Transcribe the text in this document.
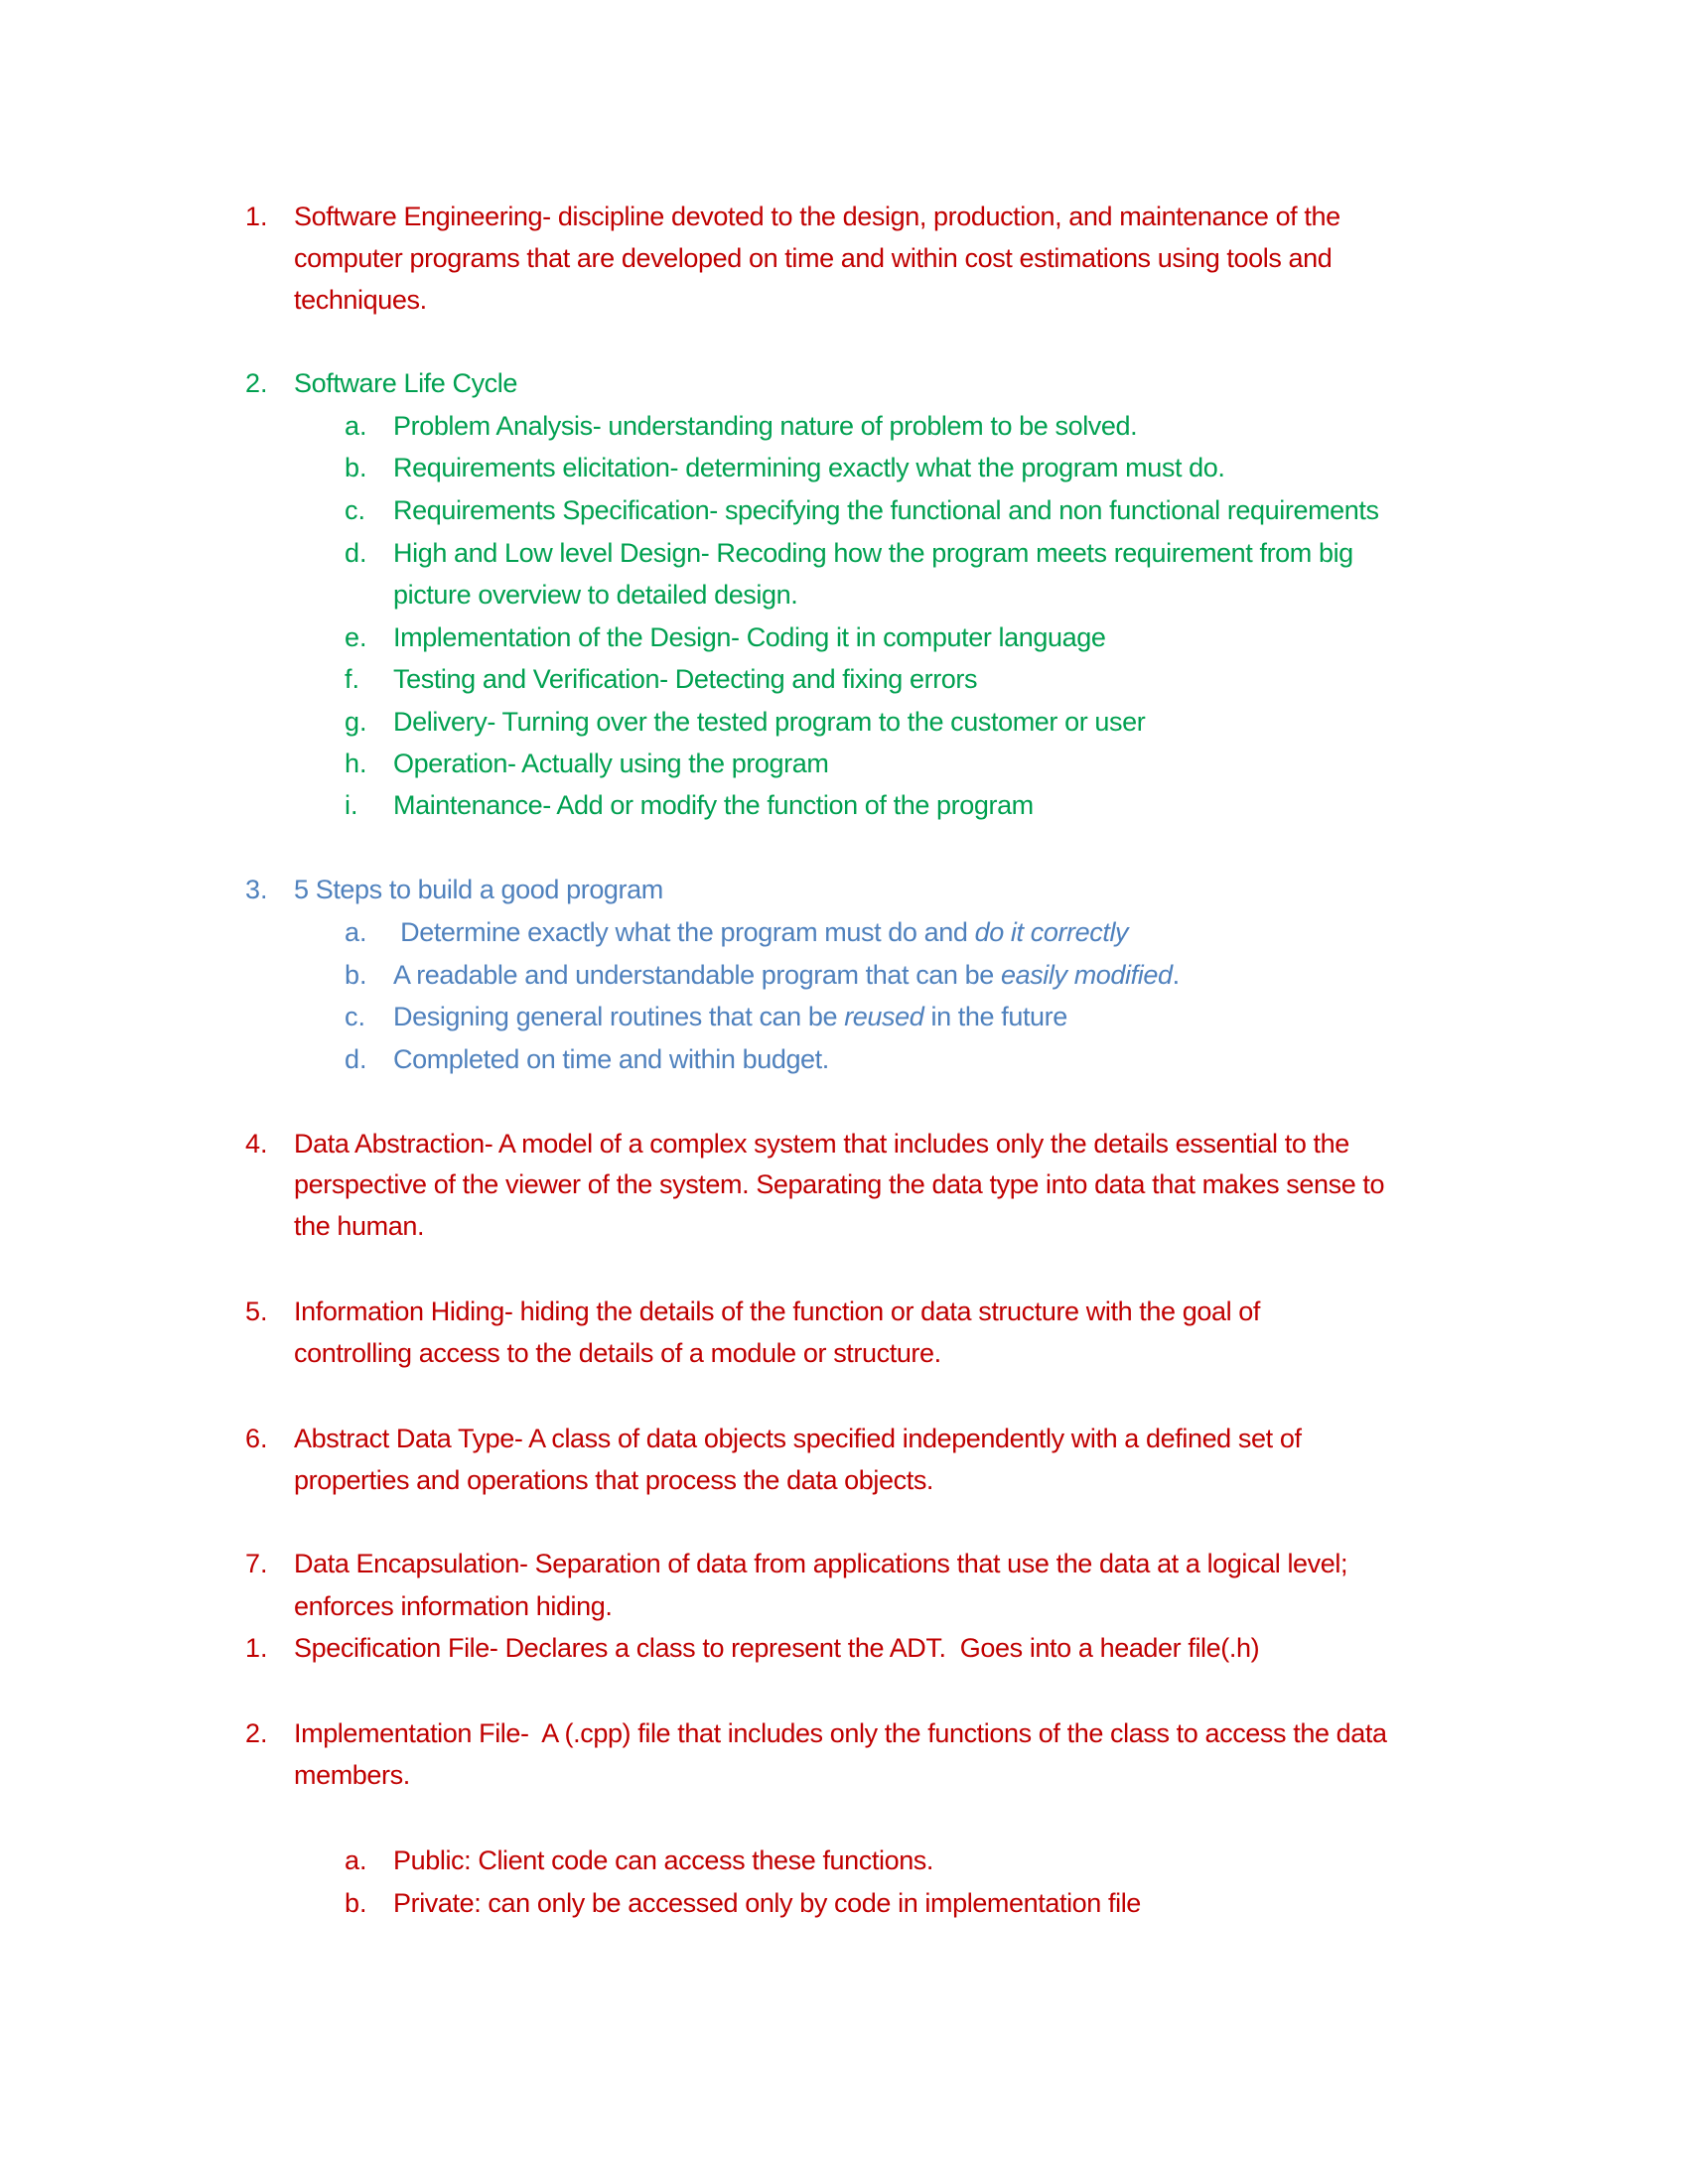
1. Software Engineering- discipline devoted to the design, production, and maintenance of the
computer programs that are developed on time and within cost estimations using tools and
techniques.
2. Software Life Cycle
a. Problem Analysis- understanding nature of problem to be solved.
b. Requirements elicitation- determining exactly what the program must do.
c. Requirements Specification- specifying the functional and non functional requirements
d. High and Low level Design- Recoding how the program meets requirement from big
picture overview to detailed design.
e. Implementation of the Design- Coding it in computer language
f. Testing and Verification- Detecting and fixing errors
g. Delivery- Turning over the tested program to the customer or user
h. Operation- Actually using the program
i. Maintenance- Add or modify the function of the program
3. 5 Steps to build a good program
a. Determine exactly what the program must do and do it correctly
b. A readable and understandable program that can be easily modified.
c. Designing general routines that can be reused in the future
d. Completed on time and within budget.
4. Data Abstraction- A model of a complex system that includes only the details essential to the
perspective of the viewer of the system. Separating the data type into data that makes sense to
the human.
5. Information Hiding- hiding the details of the function or data structure with the goal of
controlling access to the details of a module or structure.
6. Abstract Data Type- A class of data objects specified independently with a defined set of
properties and operations that process the data objects.
7. Data Encapsulation- Separation of data from applications that use the data at a logical level;
enforces information hiding.
1. Specification File- Declares a class to represent the ADT.  Goes into a header file(.h)
2. Implementation File-  A (.cpp) file that includes only the functions of the class to access the data
members.
a. Public: Client code can access these functions.
b. Private: can only be accessed only by code in implementation file
